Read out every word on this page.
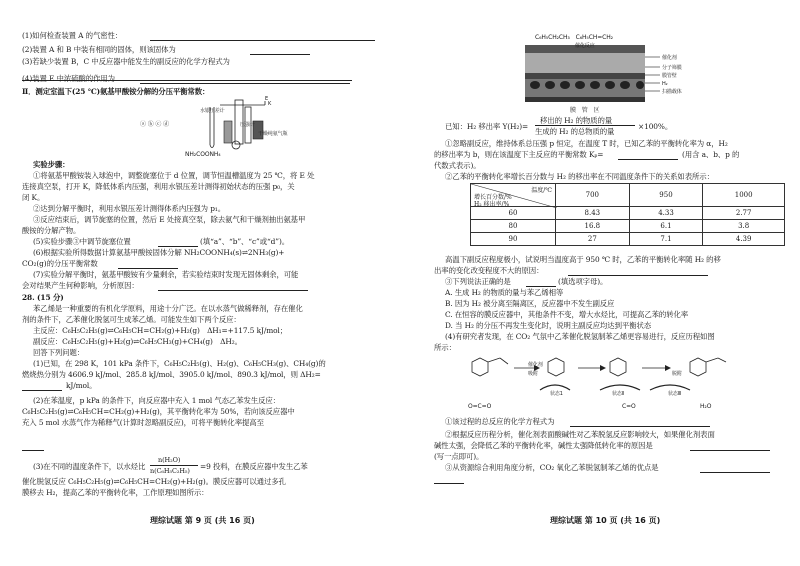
(1)如何检查装置 A 的气密性：
(2)装置 A 和 B 中装有相同的固体，则该固体为
(3)若缺少装置 B，C 中反应器中能发生的副反应的化学方程式为
(4)装置 E 中浓硫酸的作用为
Ⅱ．测定室温下(25 ℃)氨基甲酸铵分解的分压平衡常数：
水银压差计
K
E
干燥纯氨气瓶
压强计
NH₂COONH₄
ⓐ ⓑ ⓒ ⓓ
实验步骤：
①将氨基甲酸铵装入球泡中，调整旋塞位于 d 位置，调节恒温槽温度为 25 ℃，将 E 处
连接真空泵，打开 K，降低体系内压强，利用水银压差计测得初始状态的压强 p₀，关
闭 K。
②达到分解平衡时，利用水银压差计测得体系内压强为 p₁。
③反应结束后，调节旋塞的位置，然后 E 处接真空泵，除去氨气和干燥剂抽出氨基甲
酸铵的分解产物。
(5)实验步骤③中调节旋塞位置	(填“a”、“b”、“c”或“d”)。
(6)根据实验所得数据计算氨基甲酸铵固体分解 NH₂COONH₄(s)⇌2NH₃(g)+
CO₂(g)的分压平衡常数
(7)实验分解平衡时，氨基甲酸铵有少量剩余，若实验结束时发现无固体剩余，可能
会对结果产生何种影响，分析原因：
28. (15 分)
苯乙烯是一种重要的有机化学原料，用途十分广泛。在以水蒸气做稀释剂，存在催化
剂的条件下，乙苯催化脱氢可生成苯乙烯。可能发生如下两个反应：
主反应：C₆H₅C₂H₅(g)⇌C₆H₅CH=CH₂(g)+H₂(g)　ΔH₁=+117.5 kJ/mol；
副反应：C₆H₅C₂H₅(g)+H₂(g)⇌C₆H₅CH₃(g)+CH₄(g)　ΔH₂。
回答下列问题：
(1)已知，在 298 K，101 kPa 条件下，C₆H₅C₂H₅(g)、H₂(g)、C₆H₅CH₃(g)、CH₄(g)的
燃烧热分别为 4606.9 kJ/mol、285.8 kJ/mol、3905.0 kJ/mol、890.3 kJ/mol，则 ΔH₂=
kJ/mol。
(2)在苯温度，p kPa 的条件下，向反应器中充入 1 mol 气态乙苯发生反应：
C₆H₅C₂H₅(g)⇌C₆H₅CH=CH₂(g)+H₂(g)，其平衡转化率为 50%，若向该反应器中
充入 5 mol 水蒸气作为稀释气(计算时忽略副反应)，可将平衡转化率提高至
(3)在不同的温度条件下，以水烃比
n(H₂O)
n(C₆H₅C₂H₅) =9 投料，在膜反应器中发生乙苯
催化脱氢反应 C₆H₅C₂H₅(g)⇌C₆H₅CH=CH₂(g)+H₂(g)。膜反应器可以通过多孔
膜移去 H₂，提高乙苯的平衡转化率，工作原理如图所示：
理综试题 第 9 页 (共 16 页)
C₆H₅CH₂CH₃　C₆H₅CH=CH₂
催化反应
催化剂
分子筛膜
膜管壁
H₂
扫描载体
膜　管　区
已知：H₂ 移出率 Y(H₂)=
移出的 H₂ 的物质的量
生成的 H₂ 的总物质的量
×100%。
①忽略副反应，维持体系总压强 p 恒定，在温度 T 时，已知乙苯的平衡转化率为 α，H₂
的移出率为 b，则在该温度下主反应的平衡常数 Kₚ=	(用含 a、b、p 的
代数式表示)。
②乙苯的平衡转化率增长百分数与 H₂ 的移出率在不同温度条件下的关系如表所示：
温度/℃
增长百分数/%
H₂ 移出率/%	700	950	1000
60	8.43	4.33	2.77
80	16.8	6.1	3.8
90	27	7.1	4.39
高温下副反应程度极小，试说明当温度高于 950 ℃ 时，乙苯的平衡转化率随 H₂ 的移
出率的变化改变程度不大的原因：
③下列说法正确的是	(填选项字母)。
A. 生成 H₂ 的物质的量与苯乙烯相等
B. 因为 H₂ 被分离至隔离区，反应器中不发生副反应
C. 在恒容的膜反应器中，其他条件不变，增大水烃比，可提高乙苯的转化率
D. 当 H₂ 的分压不再发生变化时，说明主副反应均达到平衡状态
(4)有研究者发现，在 CO₂ 气氛中乙苯催化脱氢制苯乙烯更容易进行，反应历程如图
所示：
催化剂
吸附
状态1	状态Ⅱ	状态Ⅲ
脱附
O=C=O	H₂O
C=O
①该过程的总反应的化学方程式为
②根据反应历程分析，催化剂表面酸碱性对乙苯脱氢反应影响较大，如果催化剂表面
碱性太强，会降低乙苯的平衡转化率，碱性太强降低转化率的原因是
(写一点即可)。
③从资源综合利用角度分析，CO₂ 氧化乙苯脱氢制苯乙烯的优点是
理综试题 第 10 页 (共 16 页)
